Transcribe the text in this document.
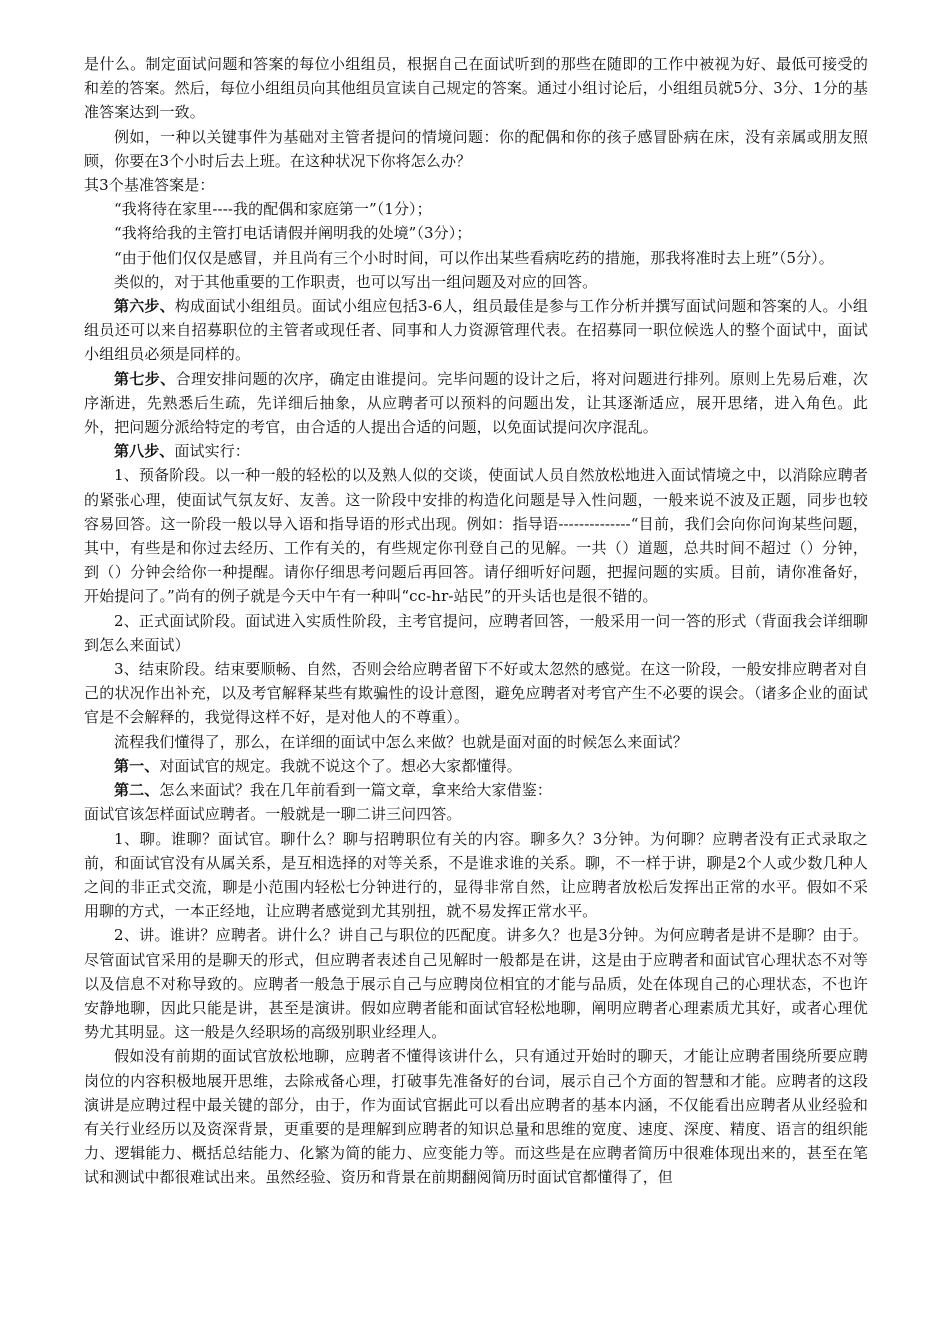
是什么。制定面试问题和答案的每位小组组员，根据自己在面试听到的那些在随即的工作中被视为好、最低可接受的和差的答案。然后，每位小组组员向其他组员宣读自己规定的答案。通过小组讨论后，小组组员就5分、3分、1分的基准答案达到一致。

例如，一种以关键事件为基础对主管者提问的情境问题：你的配偶和你的孩子感冒卧病在床，没有亲属或朋友照顾，你要在3个小时后去上班。在这种状况下你将怎么办？

其3个基准答案是：

“我将待在家里----我的配偶和家庭第一”（1分）；

“我将给我的主管打电话请假并阐明我的处境”（3分）；

“由于他们仅仅是感冒，并且尚有三个小时时间，可以作出某些看病吃药的措施，那我将准时去上班”（5分）。

类似的，对于其他重要的工作职责，也可以写出一组问题及对应的回答。

第六步、构成面试小组组员。面试小组应包括3-6人，组员最佳是参与工作分析并撰写面试问题和答案的人。小组组员还可以来自招募职位的主管者或现任者、同事和人力资源管理代表。在招募同一职位候选人的整个面试中，面试小组组员必须是同样的。

第七步、合理安排问题的次序，确定由谁提问。完毕问题的设计之后，将对问题进行排列。原则上先易后难，次序渐进，先熟悉后生疏，先详细后抽象，从应聘者可以预料的问题出发，让其逐渐适应，展开思绪，进入角色。此外，把问题分派给特定的考官，由合适的人提出合适的问题，以免面试提问次序混乱。

第八步、面试实行：

1、预备阶段。以一种一般的轻松的以及熟人似的交谈，使面试人员自然放松地进入面试情境之中，以消除应聘者的紧张心理，使面试气氛友好、友善。这一阶段中安排的构造化问题是导入性问题，一般来说不波及正题，同步也较容易回答。这一阶段一般以导入语和指导语的形式出现。例如：指导语--------------“目前，我们会向你问询某些问题，其中，有些是和你过去经历、工作有关的，有些规定你刊登自己的见解。一共（）道题，总共时间不超过（）分钟，到（）分钟会给你一种提醒。请你仔细思考问题后再回答。请仔细听好问题，把握问题的实质。目前，请你准备好，开始提问了。”尚有的例子就是今天中午有一种叫“cc-hr-站民”的开头话也是很不错的。

2、正式面试阶段。面试进入实质性阶段，主考官提问，应聘者回答，一般采用一问一答的形式（背面我会详细聊到怎么来面试）

3、结束阶段。结束要顺畅、自然，否则会给应聘者留下不好或太忽然的感觉。在这一阶段，一般安排应聘者对自己的状况作出补充，以及考官解释某些有欺骗性的设计意图，避免应聘者对考官产生不必要的误会。（诸多企业的面试官是不会解释的，我觉得这样不好，是对他人的不尊重）。

流程我们懂得了，那么，在详细的面试中怎么来做？也就是面对面的时候怎么来面试？

第一、对面试官的规定。我就不说这个了。想必大家都懂得。

第二、怎么来面试？我在几年前看到一篇文章，拿来给大家借鉴：

面试官该怎样面试应聘者。一般就是一聊二讲三问四答。

1、聊。谁聊？面试官。聊什么？聊与招聘职位有关的内容。聊多久？3分钟。为何聊？应聘者没有正式录取之前，和面试官没有从属关系，是互相选择的对等关系，不是谁求谁的关系。聊，不一样于讲，聊是2个人或少数几种人之间的非正式交流，聊是小范围内轻松七分钟进行的，显得非常自然，让应聘者放松后发挥出正常的水平。假如不采用聊的方式，一本正经地，让应聘者感觉到尤其别扭，就不易发挥正常水平。

2、讲。谁讲？应聘者。讲什么？讲自己与职位的匹配度。讲多久？也是3分钟。为何应聘者是讲不是聊？由于。尽管面试官采用的是聊天的形式，但应聘者表述自己见解时一般都是在讲，这是由于应聘者和面试官心理状态不对等以及信息不对称导致的。应聘者一般急于展示自己与应聘岗位相宜的才能与品质，处在体现自己的心理状态，不也许安静地聊，因此只能是讲，甚至是演讲。假如应聘者能和面试官轻松地聊，阐明应聘者心理素质尤其好，或者心理优势尤其明显。这一般是久经职场的高级别职业经理人。

假如没有前期的面试官放松地聊，应聘者不懂得该讲什么，只有通过开始时的聊天，才能让应聘者围绕所要应聘岗位的内容积极地展开思维，去除戒备心理，打破事先准备好的台词，展示自己个方面的智慧和才能。应聘者的这段演讲是应聘过程中最关键的部分，由于，作为面试官据此可以看出应聘者的基本内涵，不仅能看出应聘者从业经验和有关行业经历以及资深背景，更重要的是理解到应聘者的知识总量和思维的宽度、速度、深度、精度、语言的组织能力、逻辑能力、概括总结能力、化繁为简的能力、应变能力等。而这些是在应聘者简历中很难体现出来的，甚至在笔试和测试中都很难试出来。虽然经验、资历和背景在前期翻阅简历时面试官都懂得了，但
